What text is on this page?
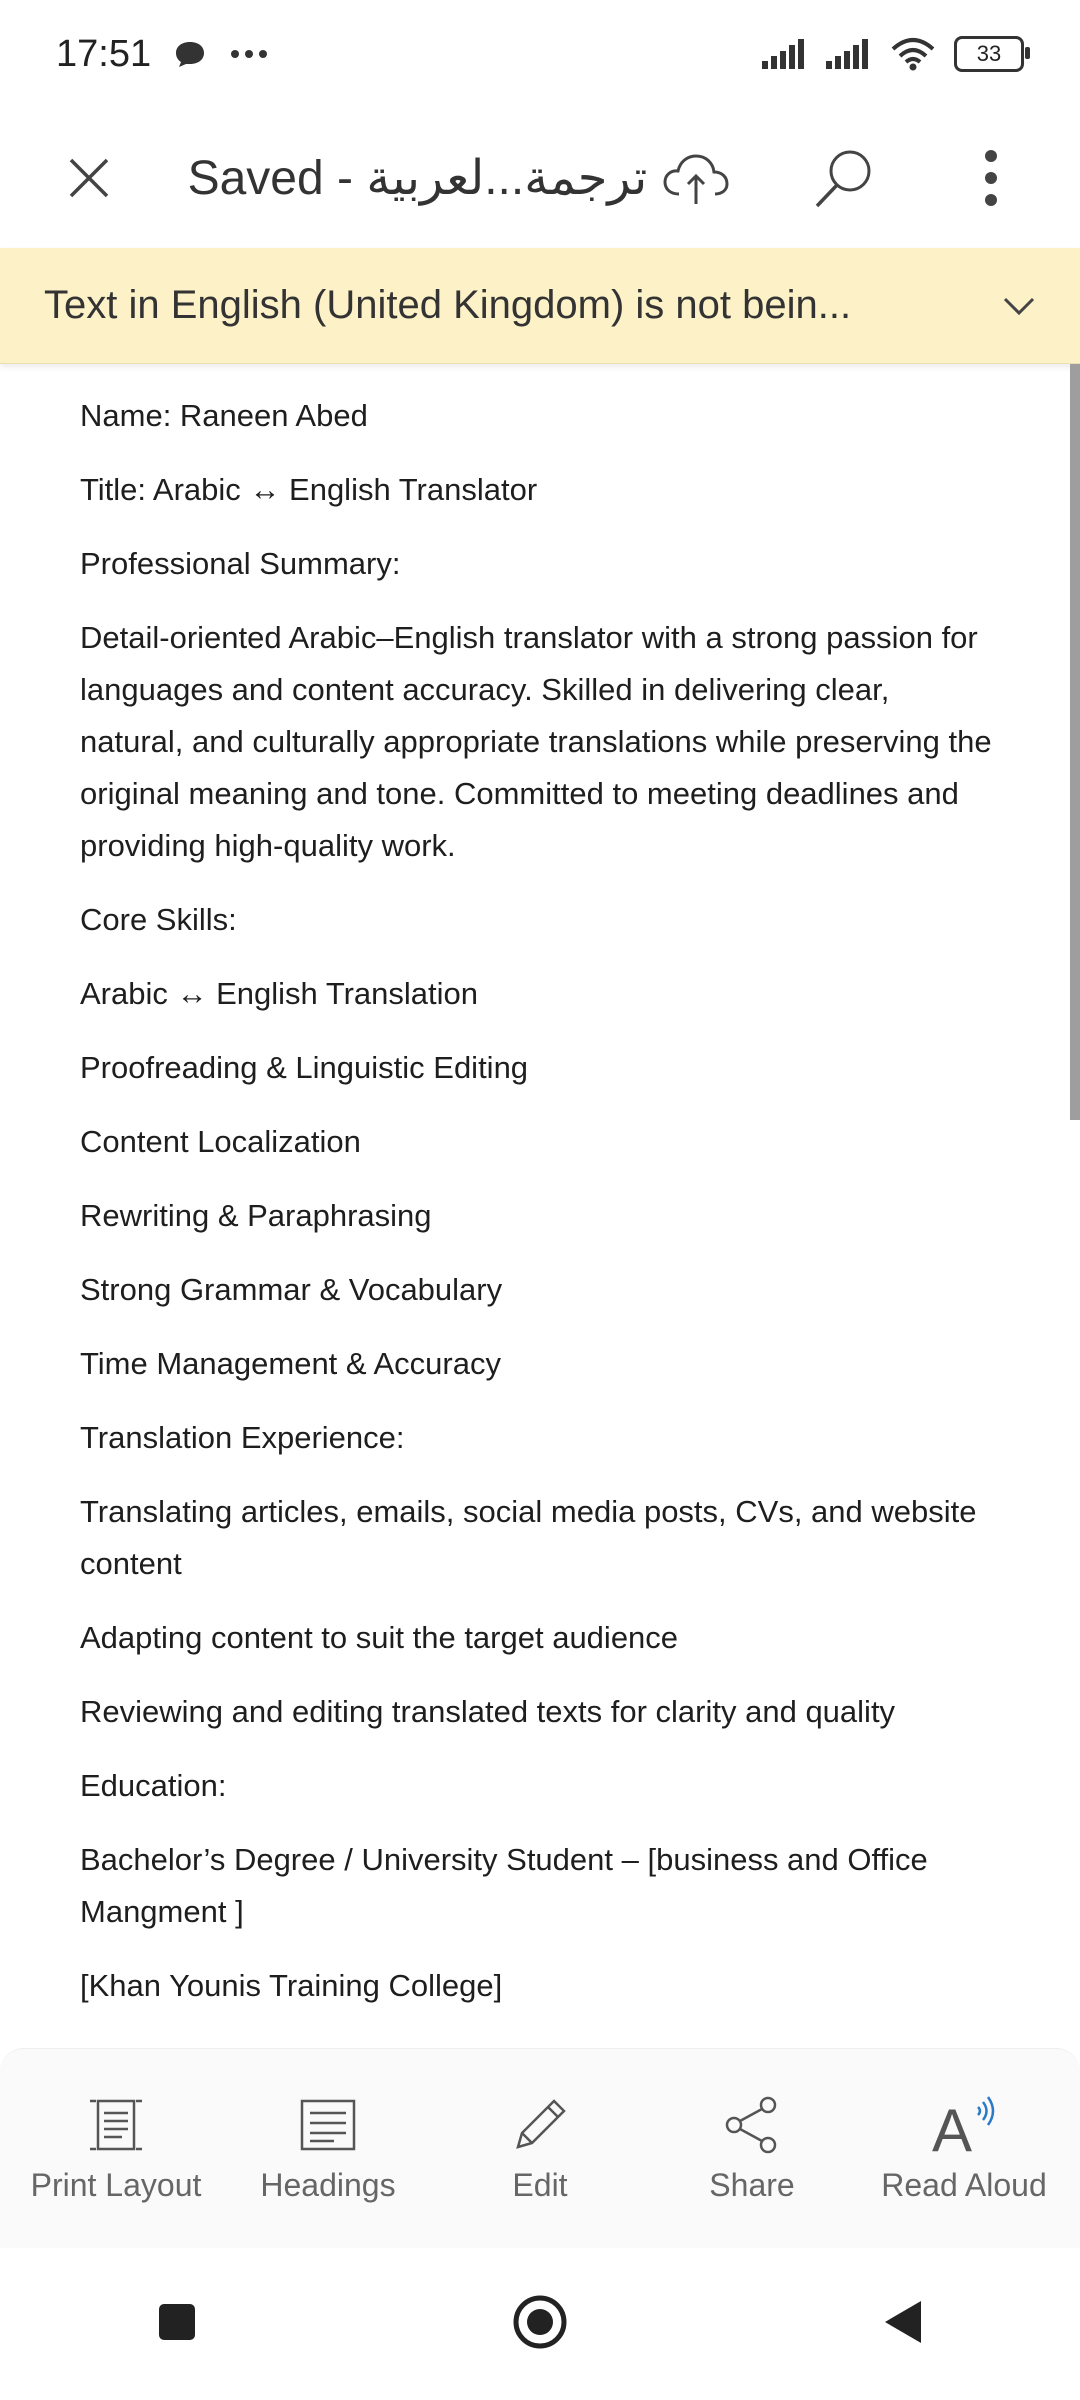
17:51	33
Saved - ترجمة...لعربية
Text in English (United Kingdom) is not bein...

Name: Raneen Abed

Title: Arabic ↔ English Translator

Professional Summary:

Detail-oriented Arabic–English translator with a strong passion for languages and content accuracy. Skilled in delivering clear, natural, and culturally appropriate translations while preserving the original meaning and tone. Committed to meeting deadlines and providing high-quality work.

Core Skills:

Arabic ↔ English Translation

Proofreading & Linguistic Editing

Content Localization

Rewriting & Paraphrasing

Strong Grammar & Vocabulary

Time Management & Accuracy

Translation Experience:

Translating articles, emails, social media posts, CVs, and website content

Adapting content to suit the target audience

Reviewing and editing translated texts for clarity and quality

Education:

Bachelor’s Degree / University Student – [business and Office Mangment ]

[Khan Younis Training College]

Print Layout Headings	Edit	Share
A
Read Aloud
